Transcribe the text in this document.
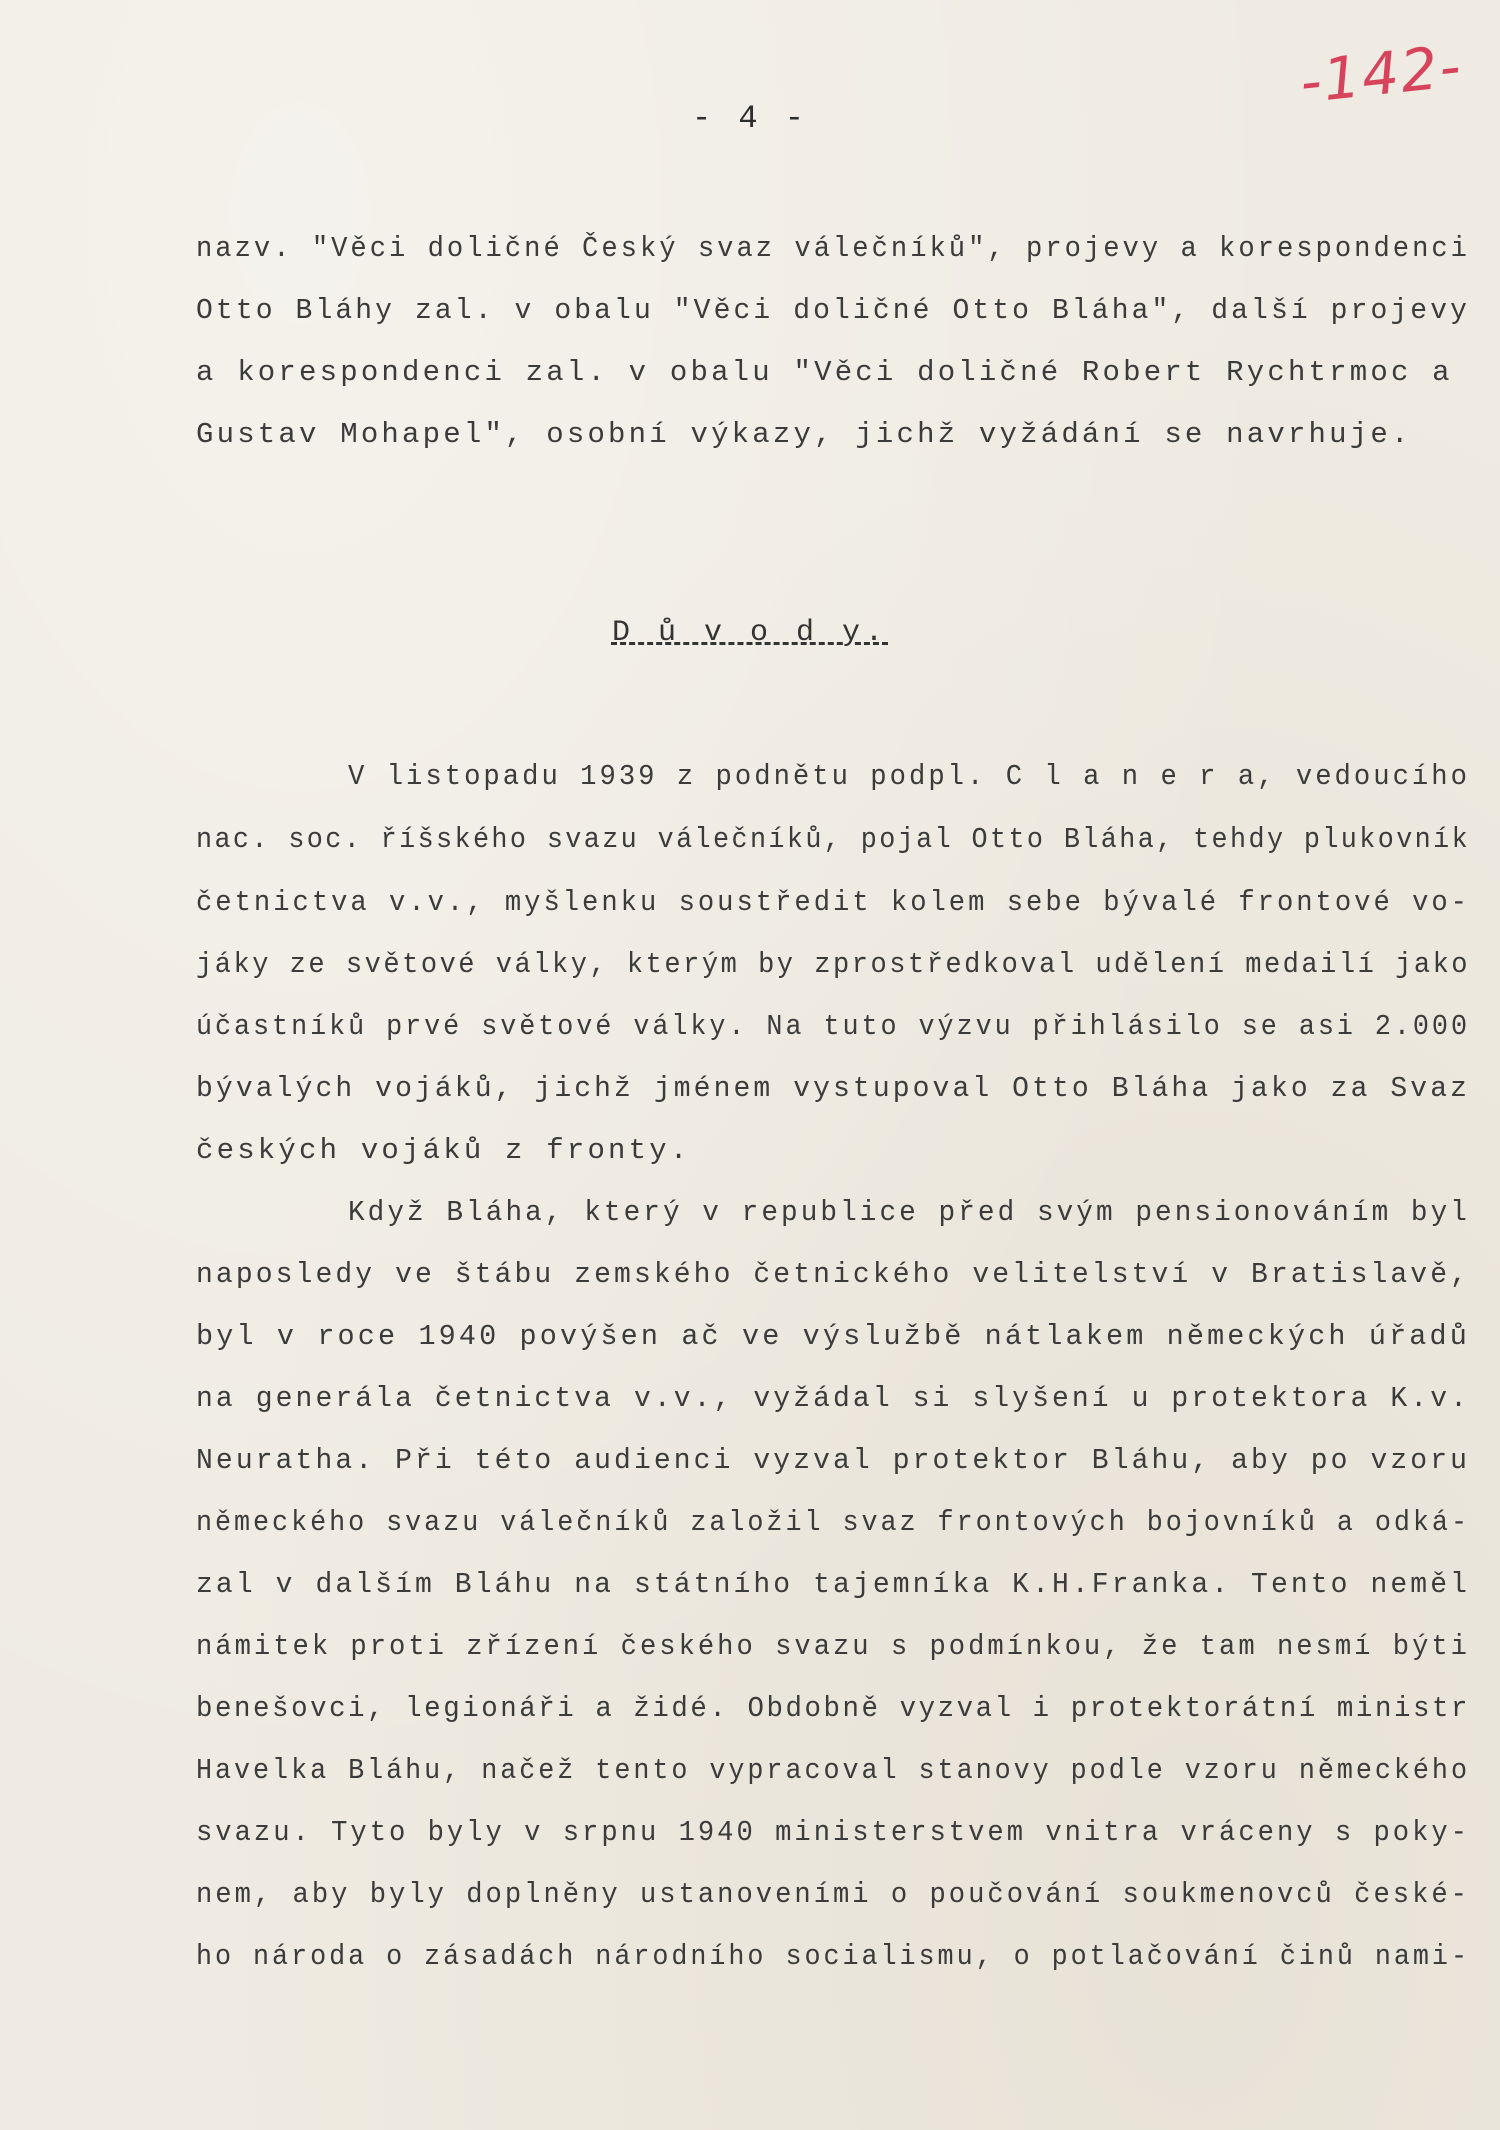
- 4 -
-142-
nazv. "Věci doličné Český svaz válečníků", projevy a korespondenci
Otto Bláhy zal. v obalu "Věci doličné Otto Bláha", další projevy
a korespondenci zal. v obalu "Věci doličné Robert Rychtrmoc a
Gustav Mohapel", osobní výkazy, jichž vyžádání se navrhuje.
D ů v o d y.
V listopadu 1939 z podnětu podpl. C l a n e r a, vedoucího
nac. soc. říšského svazu válečníků, pojal Otto Bláha, tehdy plukovník
četnictva v.v., myšlenku soustředit kolem sebe bývalé frontové vo-
jáky ze světové války, kterým by zprostředkoval udělení medailí jako
účastníků prvé světové války. Na tuto výzvu přihlásilo se asi 2.000
bývalých vojáků, jichž jménem vystupoval Otto Bláha jako za Svaz
českých vojáků z fronty.
Když Bláha, který v republice před svým pensionováním byl
naposledy ve štábu zemského četnického velitelství v Bratislavě,
byl v roce 1940 povýšen ač ve výslužbě nátlakem německých úřadů
na generála četnictva v.v., vyžádal si slyšení u protektora K.v.
Neuratha. Při této audienci vyzval protektor Bláhu, aby po vzoru
německého svazu válečníků založil svaz frontových bojovníků a odká-
zal v dalším Bláhu na státního tajemníka K.H.Franka. Tento neměl
námitek proti zřízení českého svazu s podmínkou, že tam nesmí býti
benešovci, legionáři a židé. Obdobně vyzval i protektorátní ministr
Havelka Bláhu, načež tento vypracoval stanovy podle vzoru německého
svazu. Tyto byly v srpnu 1940 ministerstvem vnitra vráceny s poky-
nem, aby byly doplněny ustanoveními o poučování soukmenovců české-
ho národa o zásadách národního socialismu, o potlačování činů nami-
